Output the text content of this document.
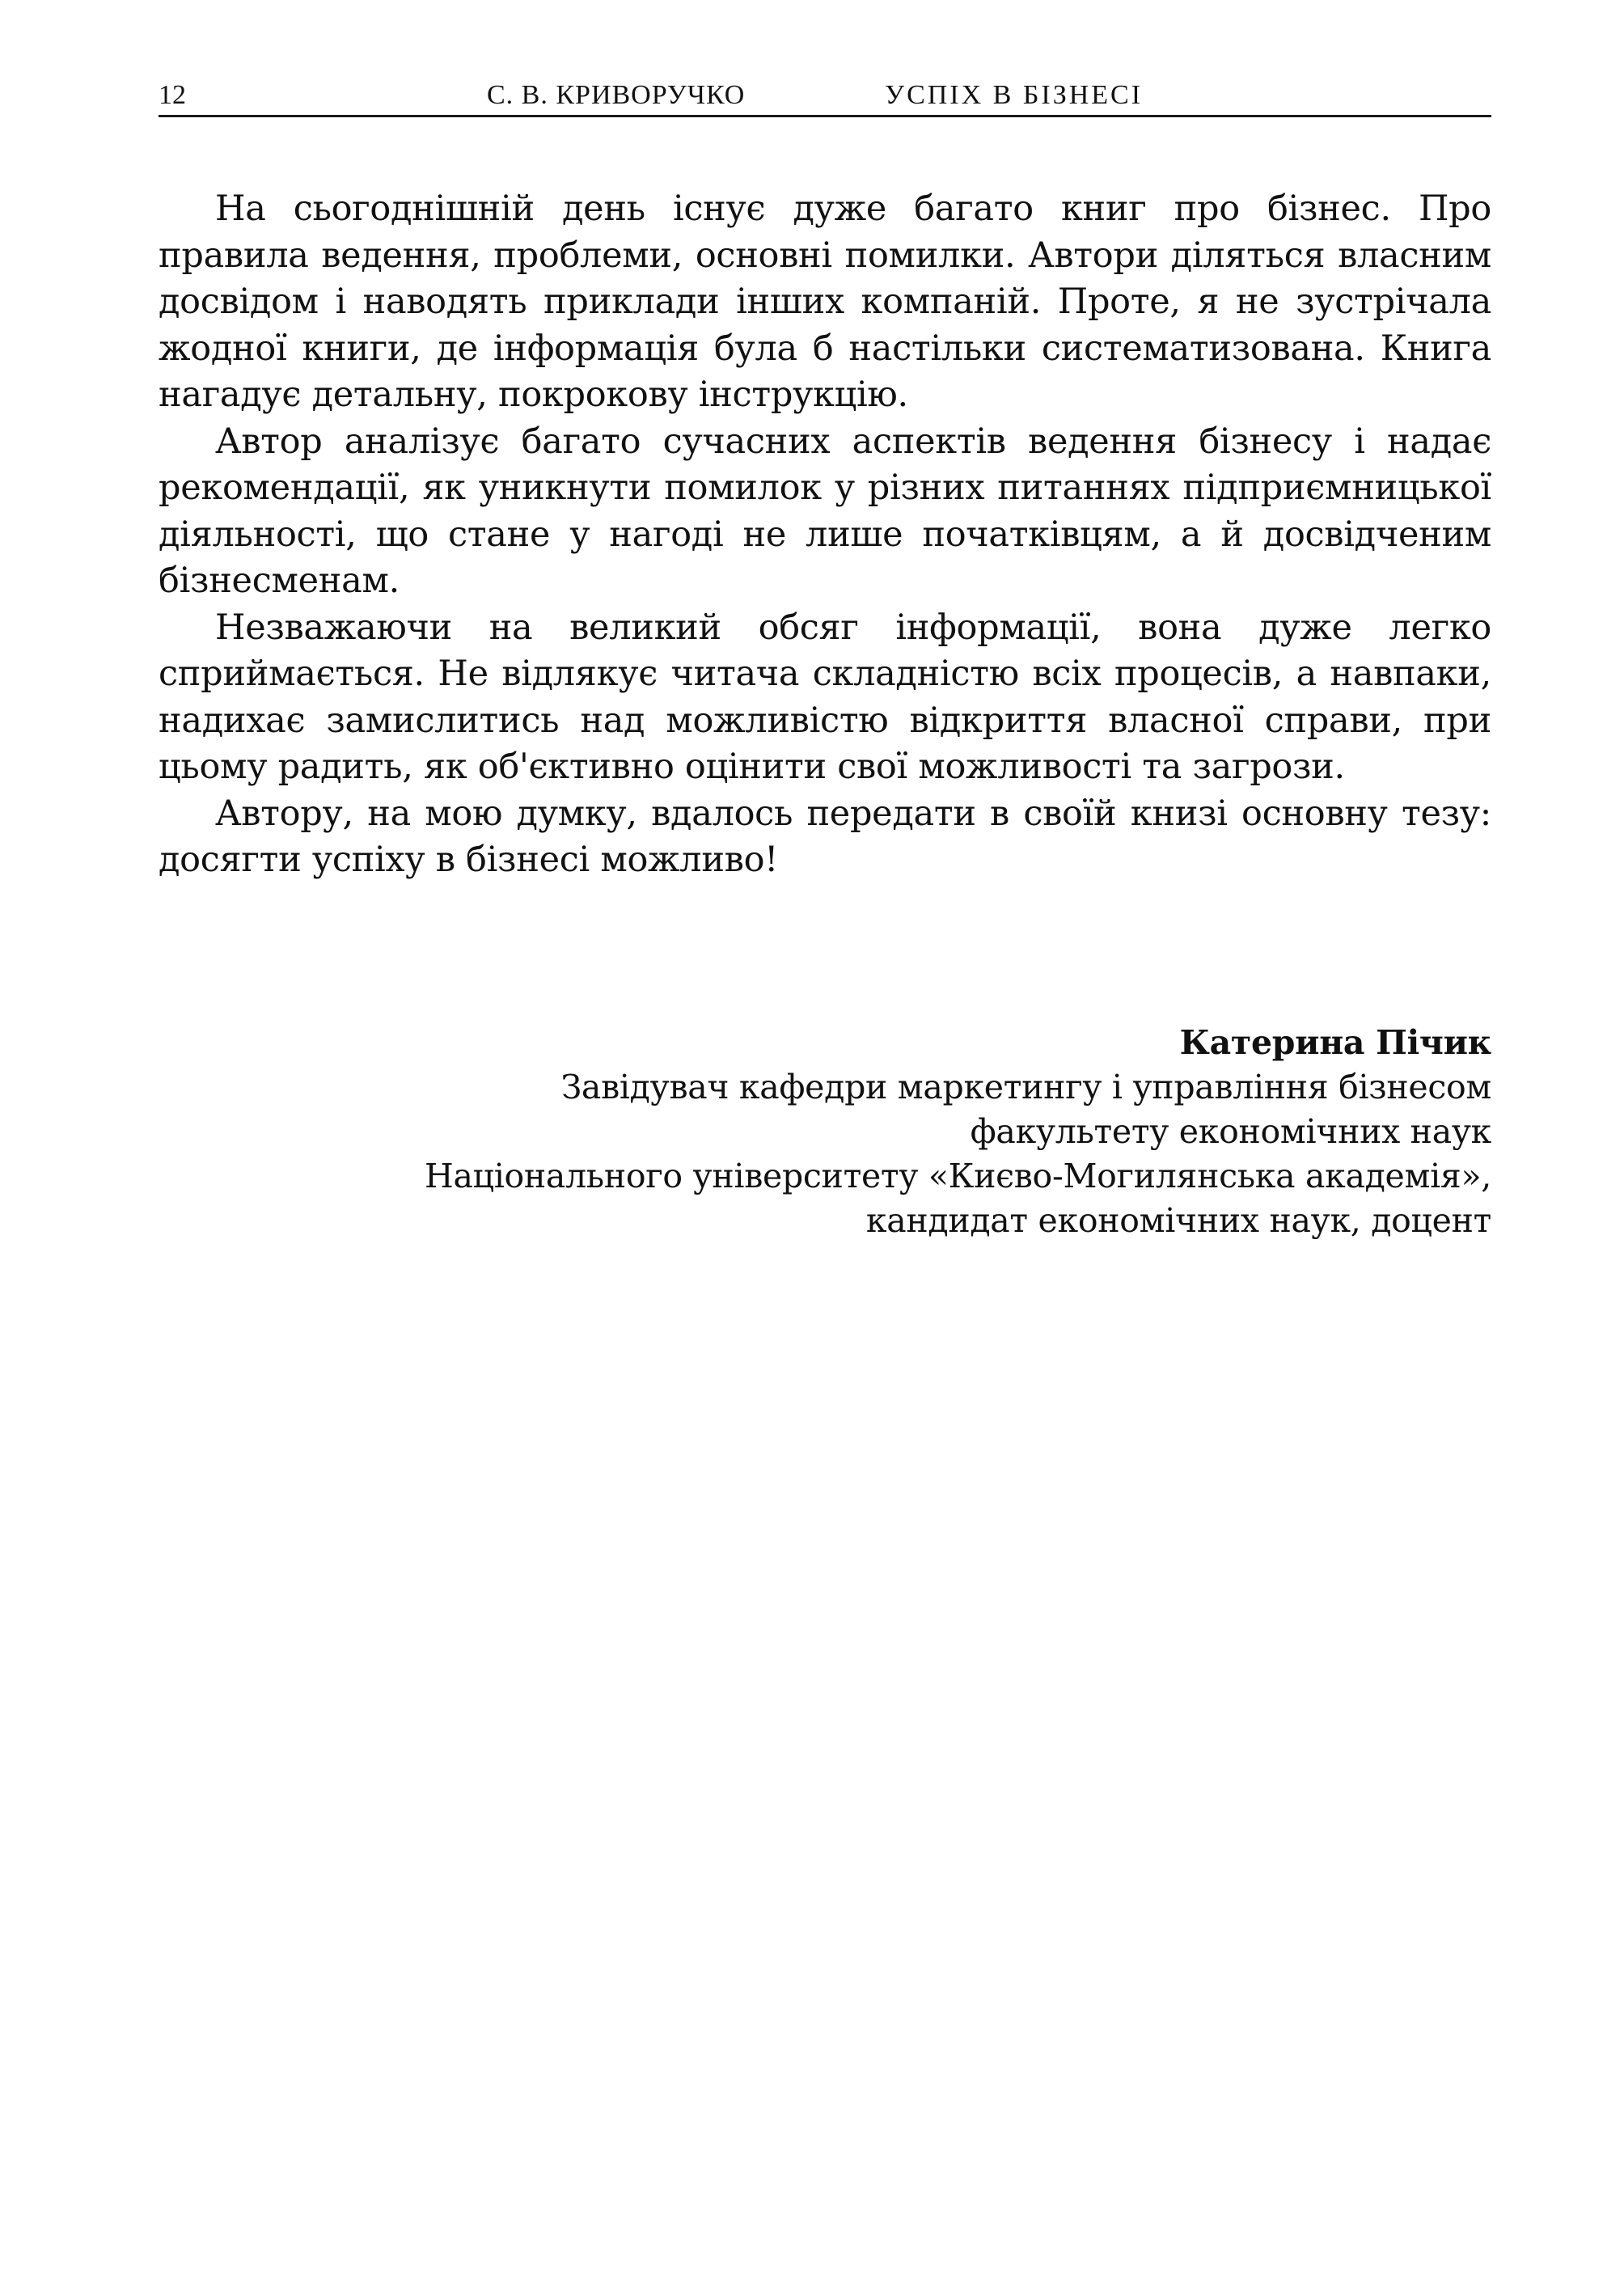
12	С. В. КРИВОРУЧКО	УСПІХ В БІЗНЕСІ

На сьогоднішній день існує дуже багато книг про бізнес. Про правила ведення, проблеми, основні помилки. Автори діляться власним досвідом і наводять приклади інших компаній. Проте, я не зустрічала жодної книги, де інформація була б настільки систематизована. Книга нагадує детальну, покрокову інструкцію.

Автор аналізує багато сучасних аспектів ведення бізнесу і надає рекомендації, як уникнути помилок у різних питаннях підприємницької діяльності, що стане у нагоді не лише початківцям, а й досвідченим бізнесменам.

Незважаючи на великий обсяг інформації, вона дуже легко сприймається. Не відлякує читача складністю всіх процесів, а навпаки, надихає замислитись над можливістю відкриття власної справи, при цьому радить, як об'єктивно оцінити свої можливості та загрози.

Автору, на мою думку, вдалось передати в своїй книзі основну тезу: досягти успіху в бізнесі можливо!

Катерина Пічик
Завідувач кафедри маркетингу і управління бізнесом
факультету економічних наук
Національного університету «Києво-Могилянська академія»,
кандидат економічних наук, доцент
